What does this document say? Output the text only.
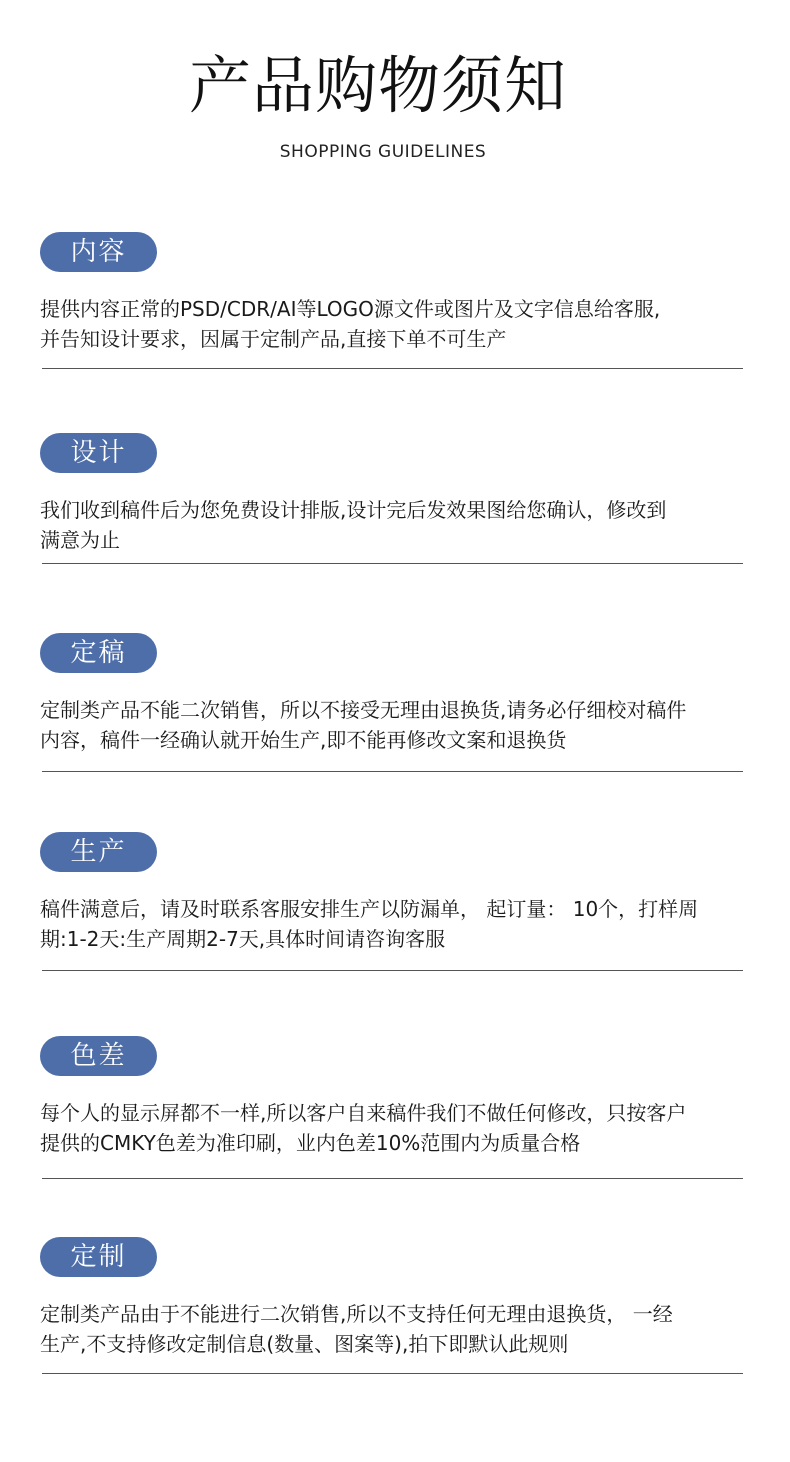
产品购物须知
SHOPPING GUIDELINES
内容
提供内容正常的PSD/CDR/AI等LOGO源文件或图片及文字信息给客服,
并告知设计要求，因属于定制产品,直接下单不可生产
设计
我们收到稿件后为您免费设计排版,设计完后发效果图给您确认，修改到
满意为止
定稿
定制类产品不能二次销售，所以不接受无理由退换货,请务必仔细校对稿件
内容，稿件一经确认就开始生产,即不能再修改文案和退换货
生产
稿件满意后，请及时联系客服安排生产以防漏单， 起订量： 10个，打样周
期:1-2天:生产周期2-7天,具体时间请咨询客服
色差
每个人的显示屏都不一样,所以客户自来稿件我们不做任何修改，只按客户
提供的CMKY色差为准印刷，业内色差10%范围内为质量合格
定制
定制类产品由于不能进行二次销售,所以不支持任何无理由退换货， 一经
生产,不支持修改定制信息(数量、图案等),拍下即默认此规则
